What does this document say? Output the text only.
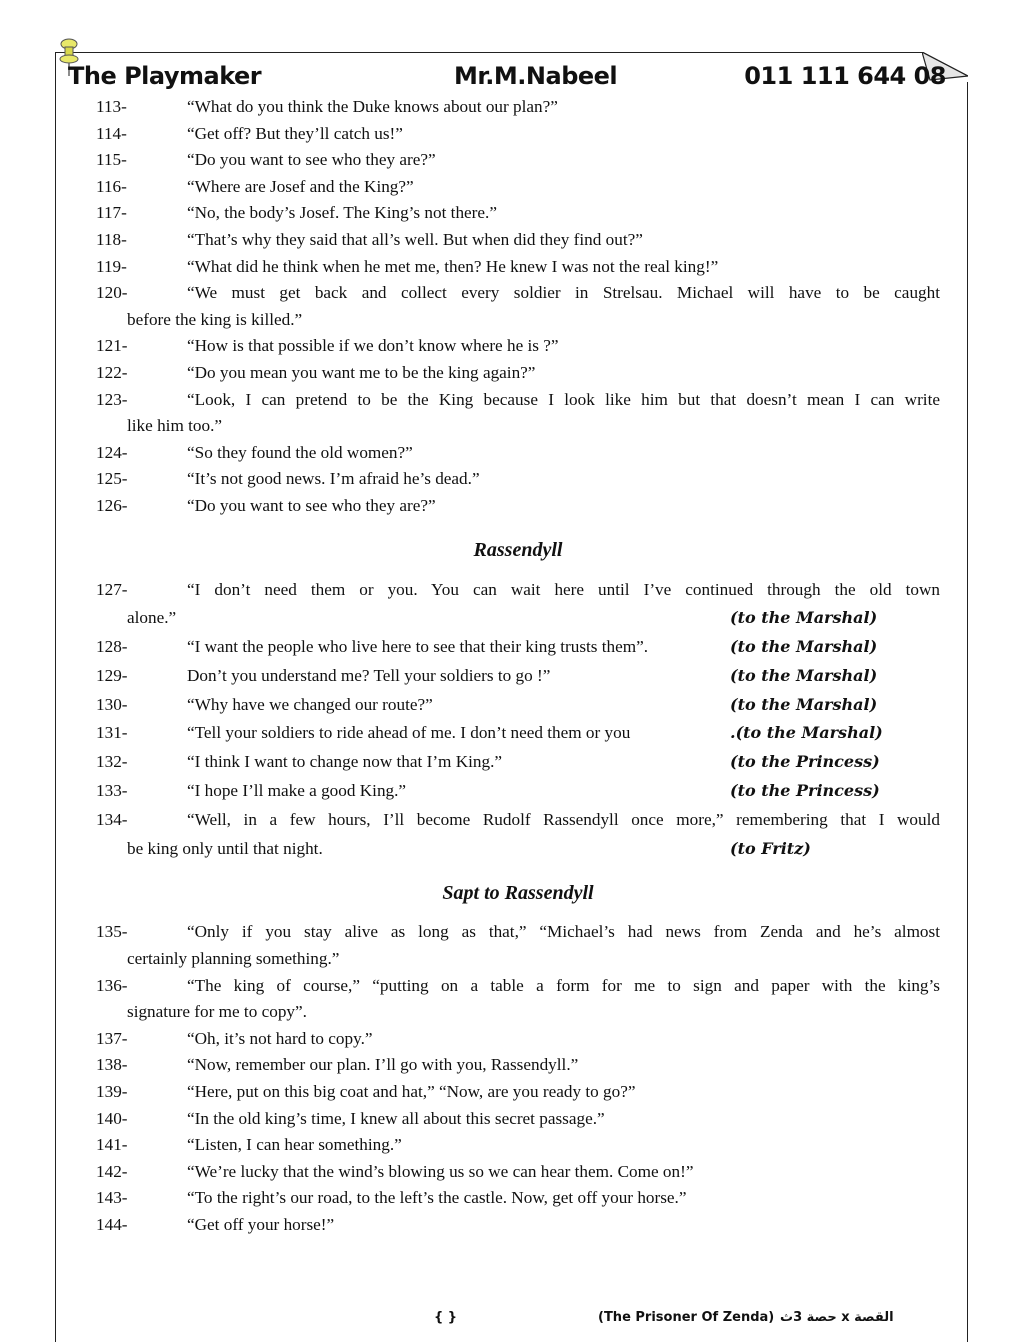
The Playmaker	Mr.M.Nabeel	011 111 644 08
113-	“What do you think the Duke knows about our plan?”
114-	“Get off? But they’ll catch us!”
115-	“Do you want to see who they are?”
116-	“Where are Josef and the King?”
117-	“No, the body’s Josef. The King’s not there.”
118-	“That’s why they said that all’s well. But when did they find out?”
119-	“What did he think when he met me, then? He knew I was not the real king!”
120-	“We must get back and collect every soldier in Strelsau. Michael will have to be caught
before the king is killed.”
121-	“How is that possible if we don’t know where he is ?”
122-	“Do you mean you want me to be the king again?”
123-	“Look, I can pretend to be the King because I look like him but that doesn’t mean I can write
like him too.”
124-	“So they found the old women?”
125-	“It’s not good news. I’m afraid he’s dead.”
126-	“Do you want to see who they are?”
Rassendyll
127-	“I don’t need them or you. You can wait here until I’ve continued through the old town
alone.”	(to the Marshal)
128-	“I want the people who live here to see that their king trusts them”.	(to the Marshal)
129-	Don’t you understand me? Tell your soldiers to go !”	(to the Marshal)
130-	“Why have we changed our route?”	(to the Marshal)
131-	“Tell your soldiers to ride ahead of me. I don’t need them or you	.(to the Marshal)
132-	“I think I want to change now that I’m King.”	(to the Princess)
133-	“I hope I’ll make a good King.”	(to the Princess)
134-	“Well, in a few hours, I’ll become Rudolf Rassendyll once more,” remembering that I would
be king only until that night.	(to Fritz)
Sapt to Rassendyll
135-	“Only if you stay alive as long as that,” “Michael’s had news from Zenda and he’s almost
certainly planning something.”
136-	“The king of course,” “putting on a table a form for me to sign and paper with the king’s
signature for me to copy”.
137-	“Oh, it’s not hard to copy.”
138-	“Now, remember our plan. I’ll go with you, Rassendyll.”
139-	“Here, put on this big coat and hat,” “Now, are you ready to go?”
140-	“In the old king’s time, I knew all about this secret passage.”
141-	“Listen, I can hear something.”
142-	“We’re lucky that the wind’s blowing us so we can hear them. Come on!”
143-	“To the right’s our road, to the left’s the castle. Now, get off your horse.”
144-	“Get off your horse!”
{ }	(The Prisoner Of Zenda) القصة x حصة 3ث
